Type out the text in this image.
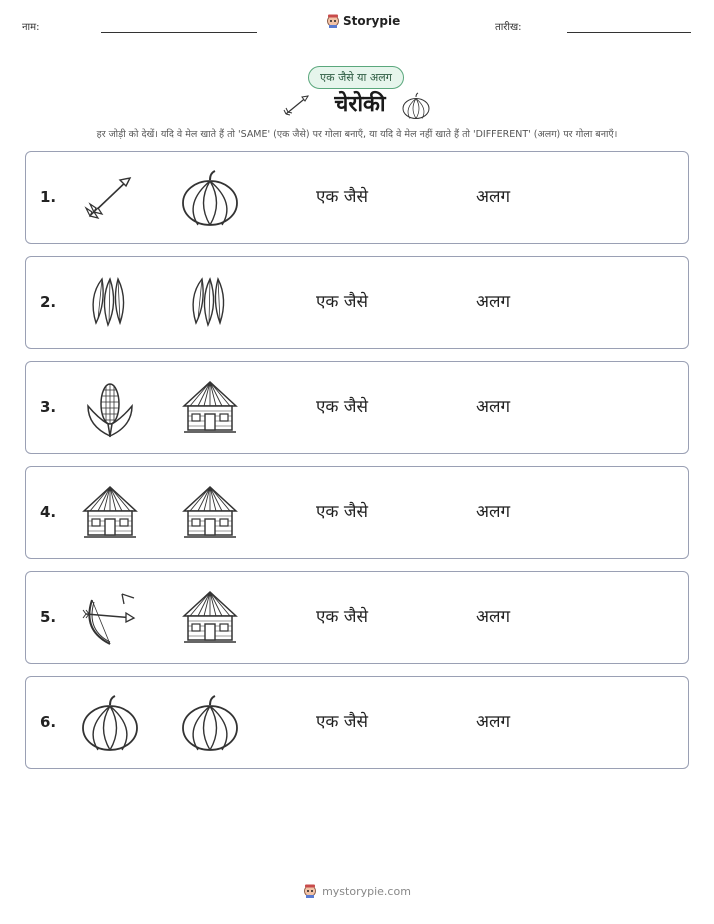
नाम:	Storypie	तारीख:
एक जैसे या अलग
चेरोकी
हर जोड़ी को देखें। यदि वे मेल खाते हैं तो 'SAME' (एक जैसे) पर गोला बनाएँ, या यदि वे मेल नहीं खाते हैं तो 'DIFFERENT' (अलग) पर गोला बनाएँ।
1.	एक जैसे	अलग
2.	एक जैसे	अलग
3.	एक जैसे	अलग
4.	एक जैसे	अलग
5.	एक जैसे	अलग
6.	एक जैसे	अलग
mystorypie.com
